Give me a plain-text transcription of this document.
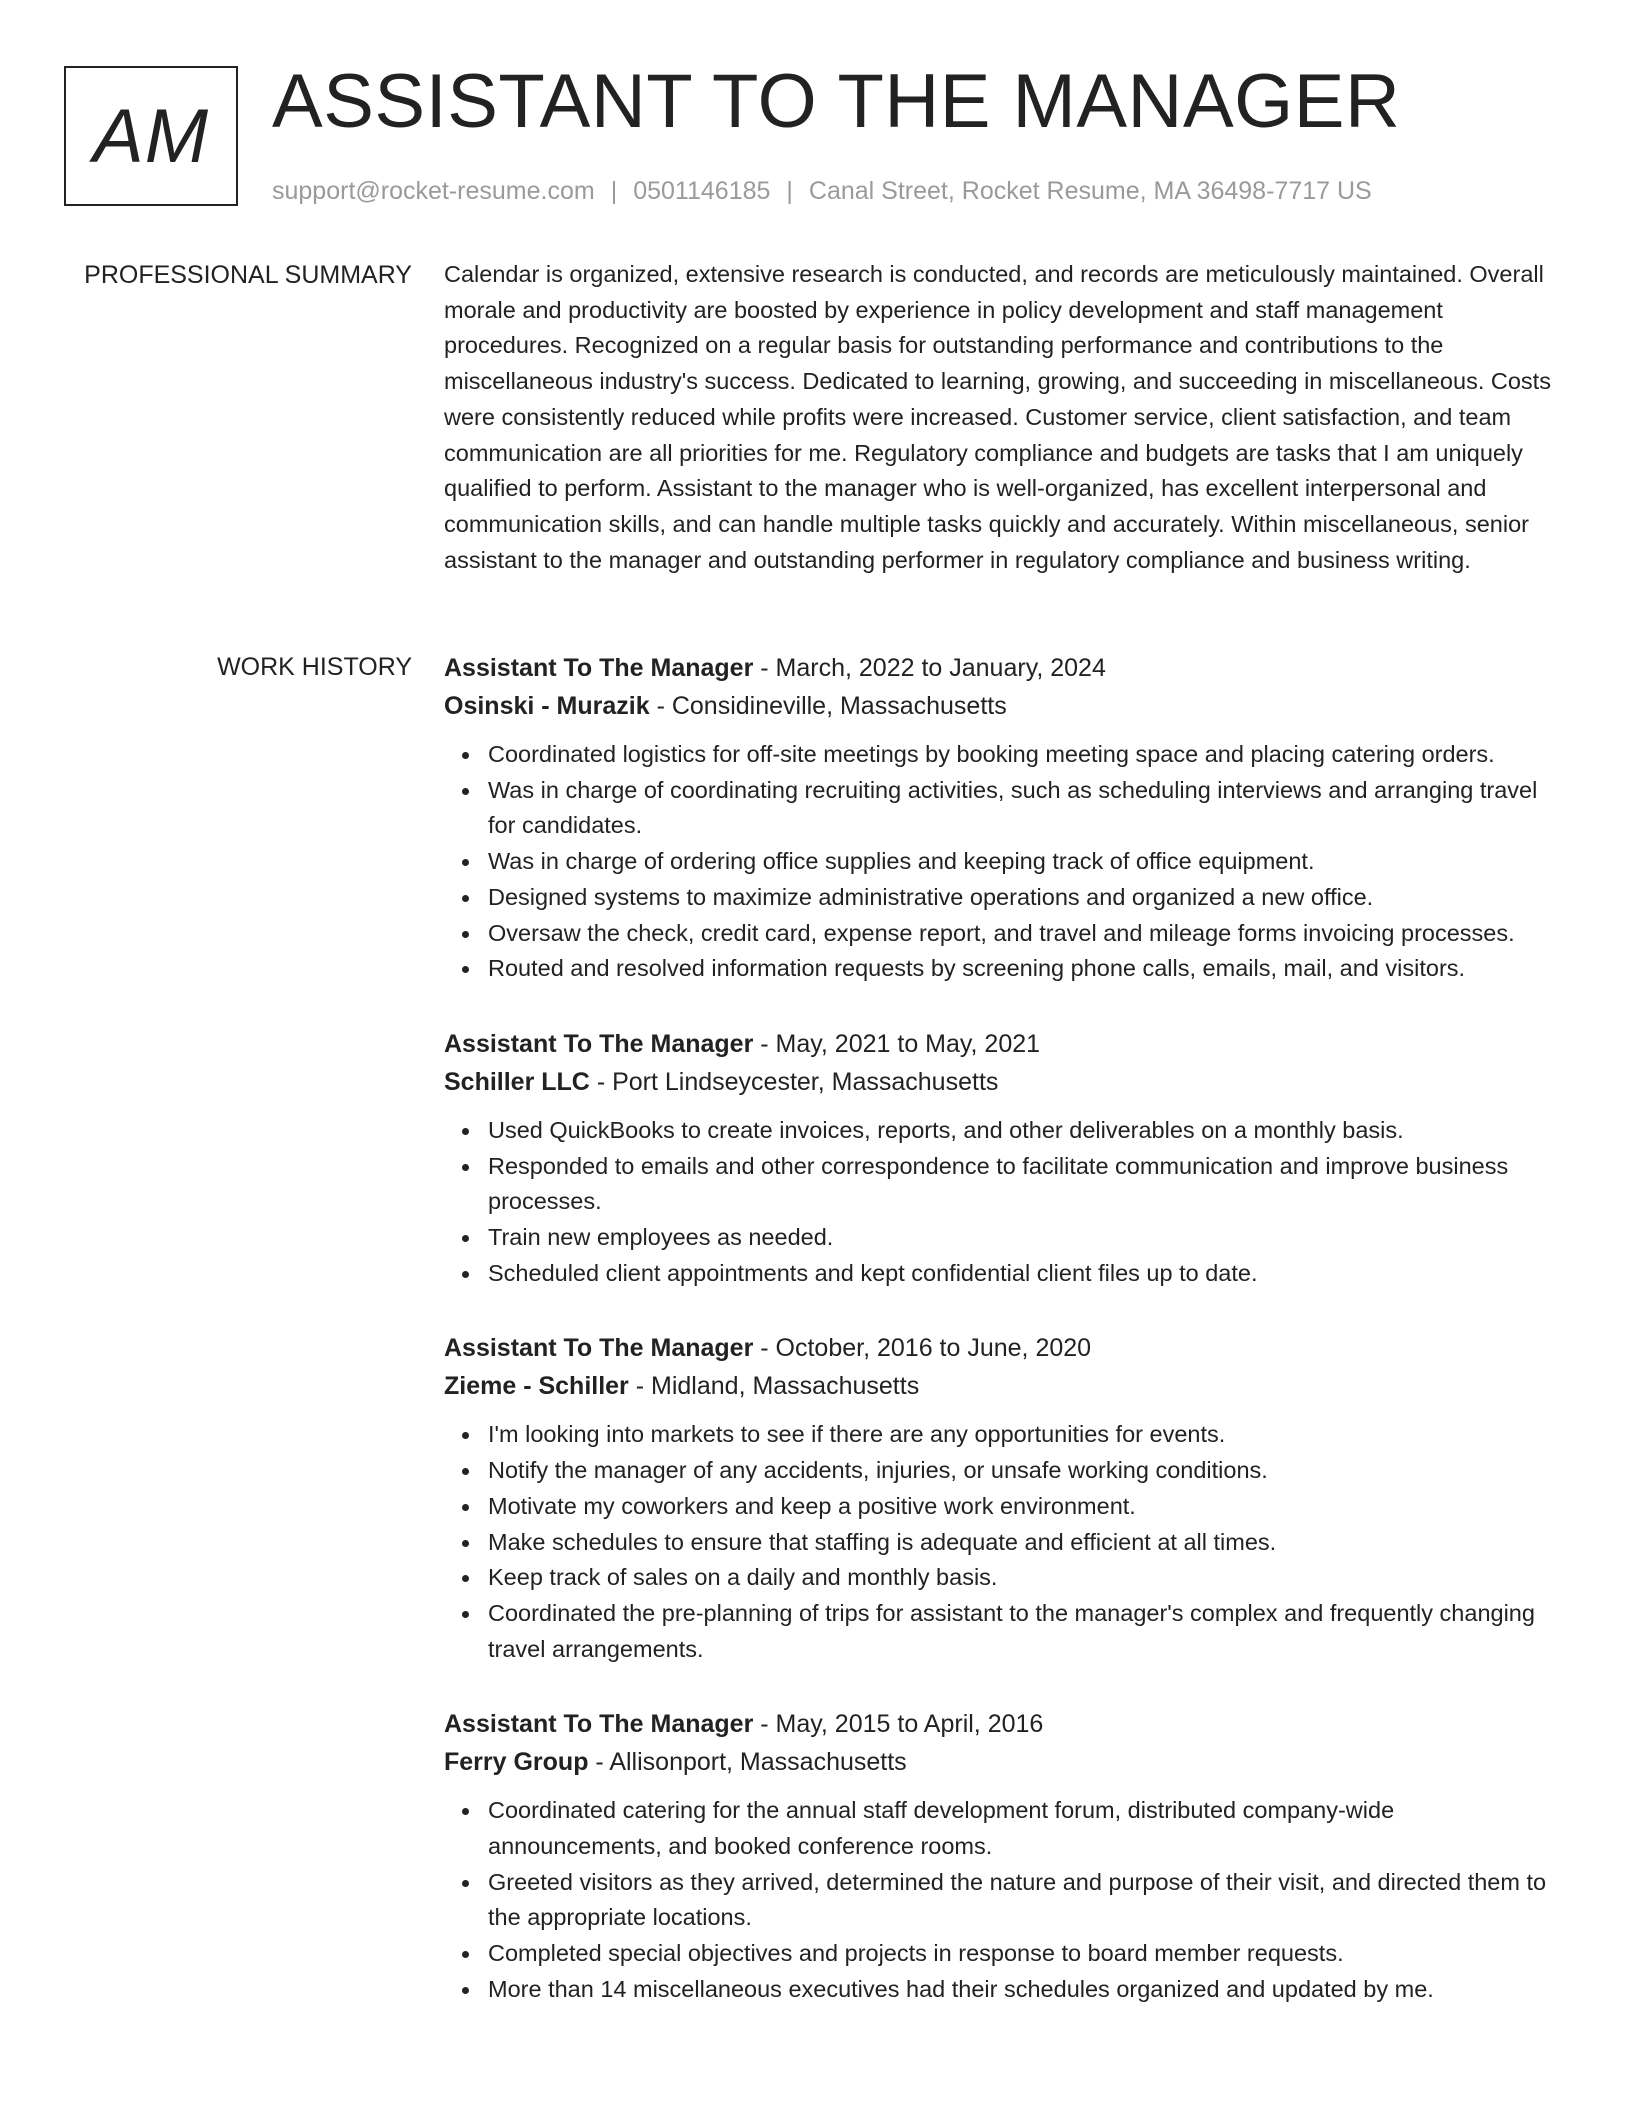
AM ASSISTANT TO THE MANAGER
support@rocket-resume.com | 0501146185 | Canal Street, Rocket Resume, MA 36498-7717 US
PROFESSIONAL SUMMARY Calendar is organized, extensive research is conducted, and records are meticulously maintained. Overall morale and productivity are boosted by experience in policy development and staff management procedures. Recognized on a regular basis for outstanding performance and contributions to the miscellaneous industry's success. Dedicated to learning, growing, and succeeding in miscellaneous. Costs were consistently reduced while profits were increased. Customer service, client satisfaction, and team communication are all priorities for me. Regulatory compliance and budgets are tasks that I am uniquely qualified to perform. Assistant to the manager who is well-organized, has excellent interpersonal and communication skills, and can handle multiple tasks quickly and accurately. Within miscellaneous, senior assistant to the manager and outstanding performer in regulatory compliance and business writing.

WORK HISTORY Assistant To The Manager - March, 2022 to January, 2024
Osinski - Murazik - Considineville, Massachusetts
Coordinated logistics for off-site meetings by booking meeting space and placing catering orders.
Was in charge of coordinating recruiting activities, such as scheduling interviews and arranging travel for candidates.
Was in charge of ordering office supplies and keeping track of office equipment.
Designed systems to maximize administrative operations and organized a new office.
Oversaw the check, credit card, expense report, and travel and mileage forms invoicing processes.
Routed and resolved information requests by screening phone calls, emails, mail, and visitors.
Assistant To The Manager - May, 2021 to May, 2021
Schiller LLC - Port Lindseycester, Massachusetts
Used QuickBooks to create invoices, reports, and other deliverables on a monthly basis.
Responded to emails and other correspondence to facilitate communication and improve business processes.
Train new employees as needed.
Scheduled client appointments and kept confidential client files up to date.
Assistant To The Manager - October, 2016 to June, 2020
Zieme - Schiller - Midland, Massachusetts
I'm looking into markets to see if there are any opportunities for events.
Notify the manager of any accidents, injuries, or unsafe working conditions.
Motivate my coworkers and keep a positive work environment.
Make schedules to ensure that staffing is adequate and efficient at all times.
Keep track of sales on a daily and monthly basis.
Coordinated the pre-planning of trips for assistant to the manager's complex and frequently changing travel arrangements.
Assistant To The Manager - May, 2015 to April, 2016
Ferry Group - Allisonport, Massachusetts
Coordinated catering for the annual staff development forum, distributed company-wide announcements, and booked conference rooms.
Greeted visitors as they arrived, determined the nature and purpose of their visit, and directed them to the appropriate locations.
Completed special objectives and projects in response to board member requests.
More than 14 miscellaneous executives had their schedules organized and updated by me.
